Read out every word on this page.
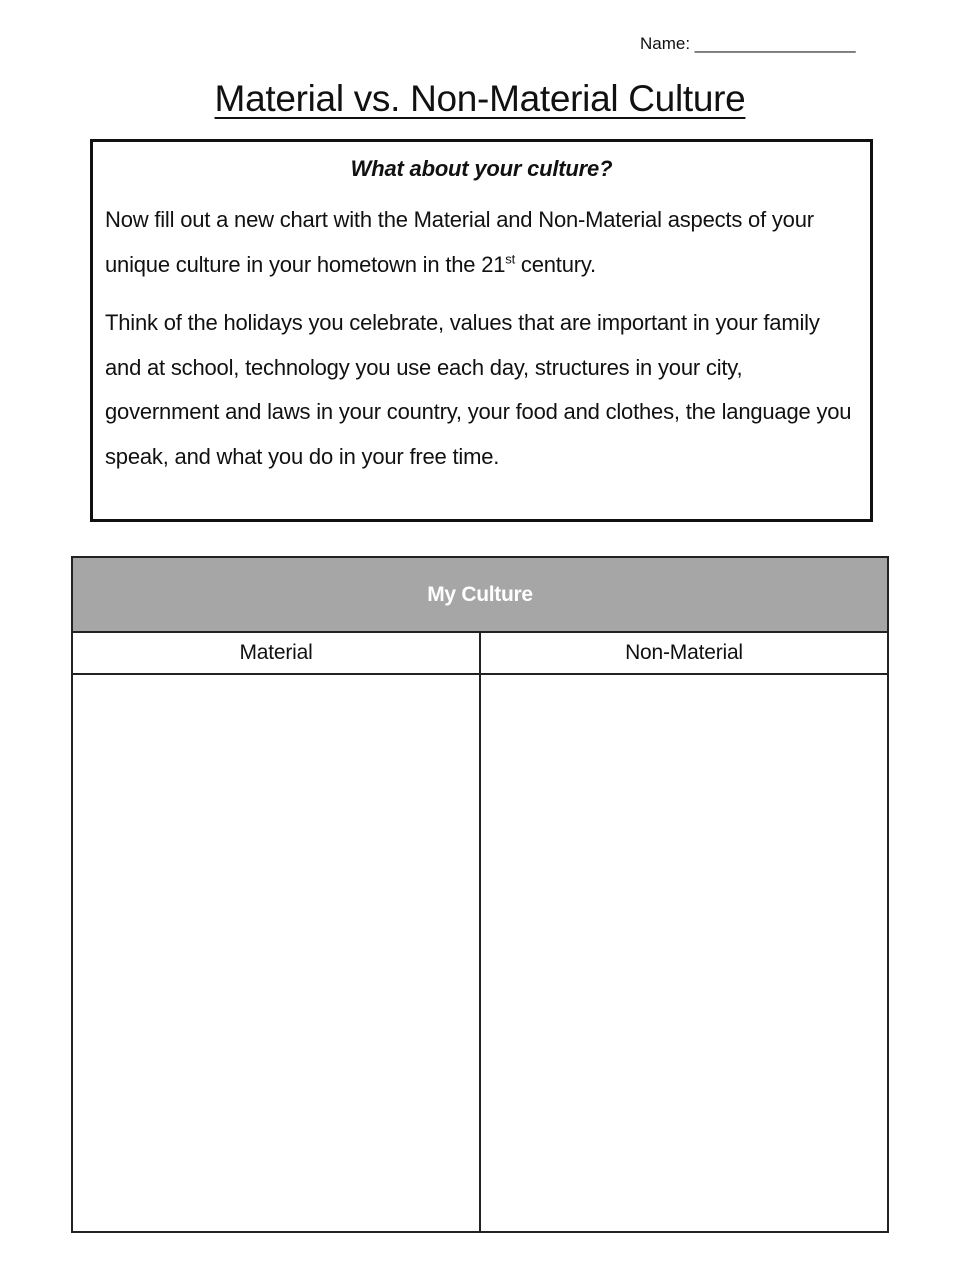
Name: _________________
Material vs. Non-Material Culture

What about your culture?

Now fill out a new chart with the Material and Non-Material aspects of your unique culture in your hometown in the 21st century.

Think of the holidays you celebrate, values that are important in your family and at school, technology you use each day, structures in your city, government and laws in your country, your food and clothes, the language you speak, and what you do in your free time.

My Culture	
Material	Non-Material
